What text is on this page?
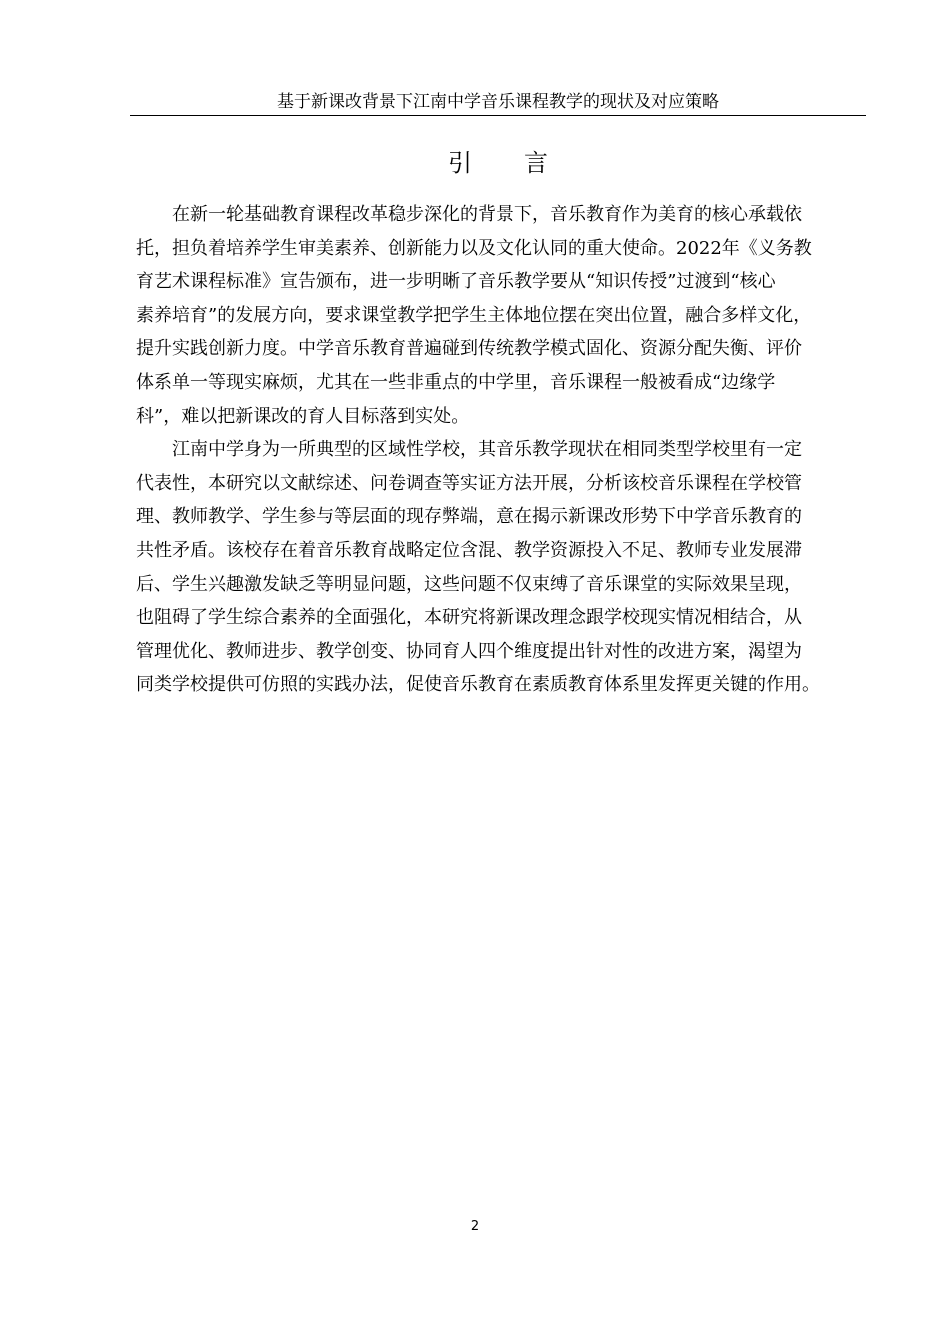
基于新课改背景下江南中学音乐课程教学的现状及对应策略
引言
在新一轮基础教育课程改革稳步深化的背景下，音乐教育作为美育的核心承载依
托，担负着培养学生审美素养、创新能力以及文化认同的重大使命。2022年《义务教
育艺术课程标准》宣告颁布，进一步明晰了音乐教学要从“知识传授”过渡到“核心
素养培育”的发展方向，要求课堂教学把学生主体地位摆在突出位置，融合多样文化，
提升实践创新力度。中学音乐教育普遍碰到传统教学模式固化、资源分配失衡、评价
体系单一等现实麻烦，尤其在一些非重点的中学里，音乐课程一般被看成“边缘学
科”，难以把新课改的育人目标落到实处。
江南中学身为一所典型的区域性学校，其音乐教学现状在相同类型学校里有一定
代表性，本研究以文献综述、问卷调查等实证方法开展，分析该校音乐课程在学校管
理、教师教学、学生参与等层面的现存弊端，意在揭示新课改形势下中学音乐教育的
共性矛盾。该校存在着音乐教育战略定位含混、教学资源投入不足、教师专业发展滞
后、学生兴趣激发缺乏等明显问题，这些问题不仅束缚了音乐课堂的实际效果呈现，
也阻碍了学生综合素养的全面强化，本研究将新课改理念跟学校现实情况相结合，从
管理优化、教师进步、教学创变、协同育人四个维度提出针对性的改进方案，渴望为
同类学校提供可仿照的实践办法，促使音乐教育在素质教育体系里发挥更关键的作用。
2
